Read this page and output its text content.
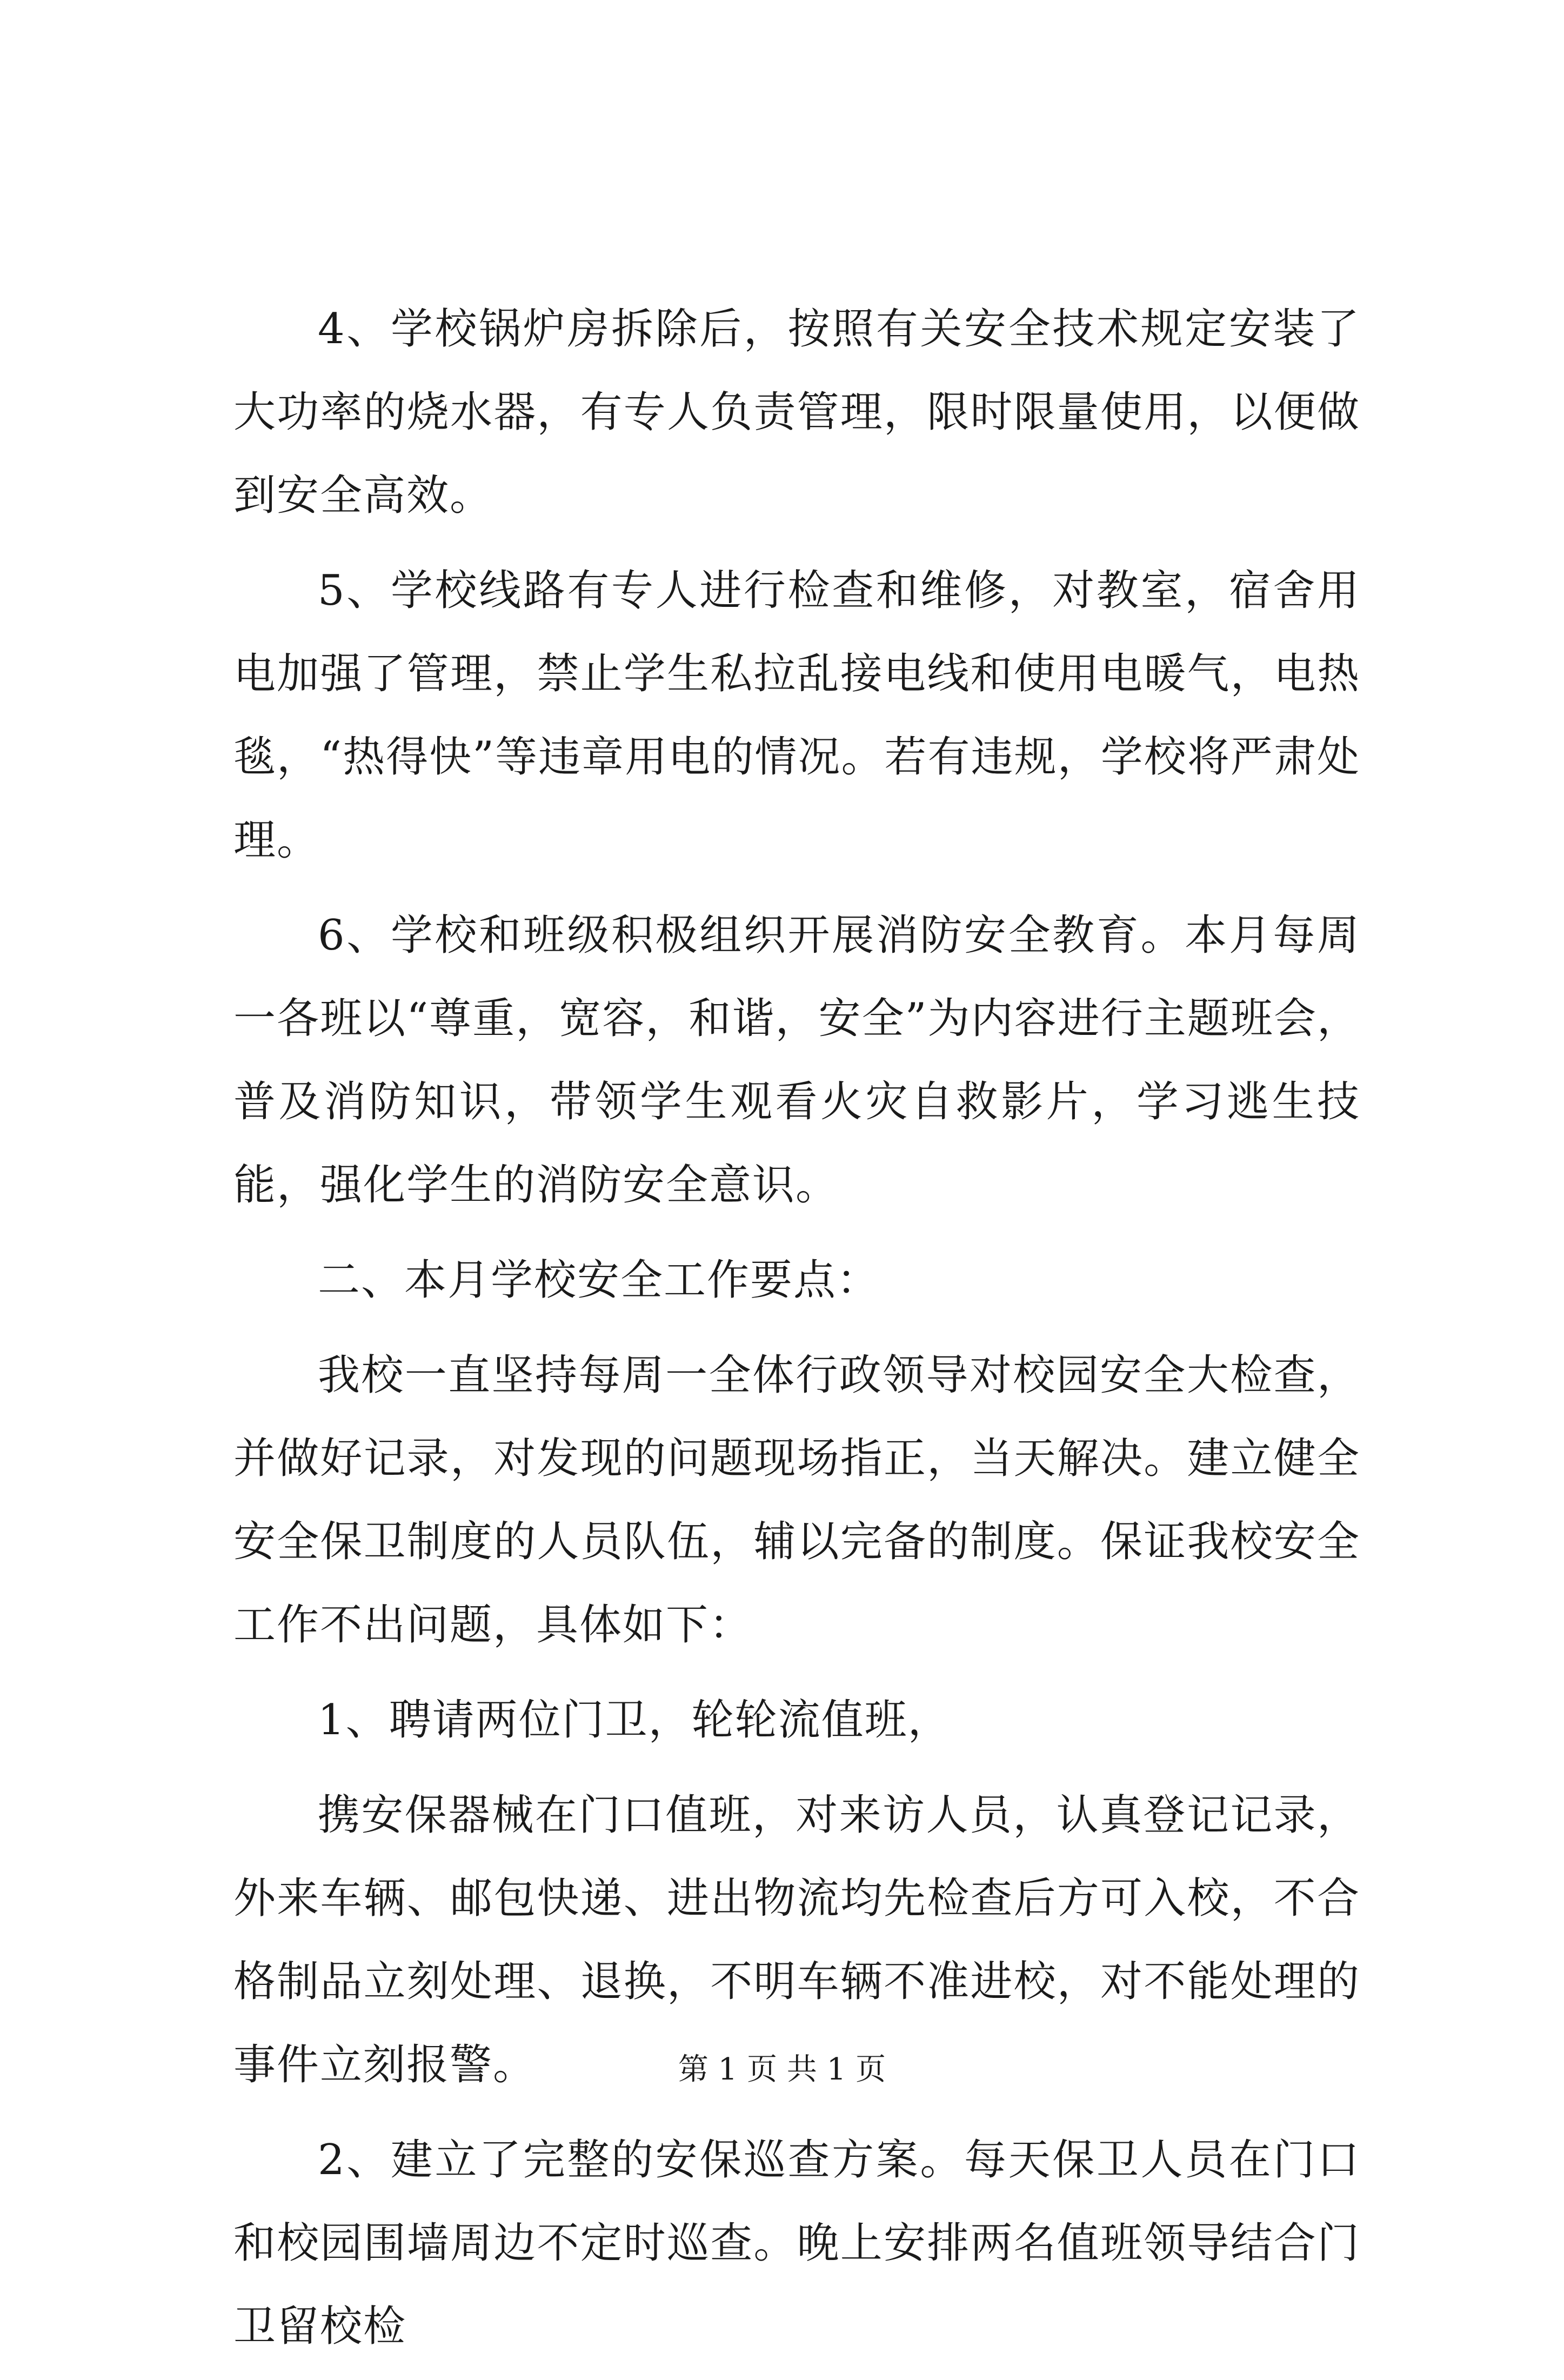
4、学校锅炉房拆除后，按照有关安全技术规定安装了大功率的烧水器，有专人负责管理，限时限量使用，以便做到安全高效。

5、学校线路有专人进行检查和维修，对教室，宿舍用电加强了管理，禁止学生私拉乱接电线和使用电暖气，电热毯，“热得快”等违章用电的情况。若有违规，学校将严肃处理。

6、学校和班级积极组织开展消防安全教育。本月每周一各班以“尊重，宽容，和谐，安全”为内容进行主题班会，普及消防知识，带领学生观看火灾自救影片，学习逃生技能，强化学生的消防安全意识。

二、本月学校安全工作要点：

我校一直坚持每周一全体行政领导对校园安全大检查，并做好记录，对发现的问题现场指正，当天解决。建立健全安全保卫制度的人员队伍，辅以完备的制度。保证我校安全工作不出问题，具体如下：

1、聘请两位门卫，轮轮流值班，

携安保器械在门口值班，对来访人员，认真登记记录，外来车辆、邮包快递、进出物流均先检查后方可入校，不合格制品立刻处理、退换，不明车辆不准进校，对不能处理的事件立刻报警。

2、建立了完整的安保巡查方案。每天保卫人员在门口和校园围墙周边不定时巡查。晚上安排两名值班领导结合门卫留校检

第 1 页 共 1 页
